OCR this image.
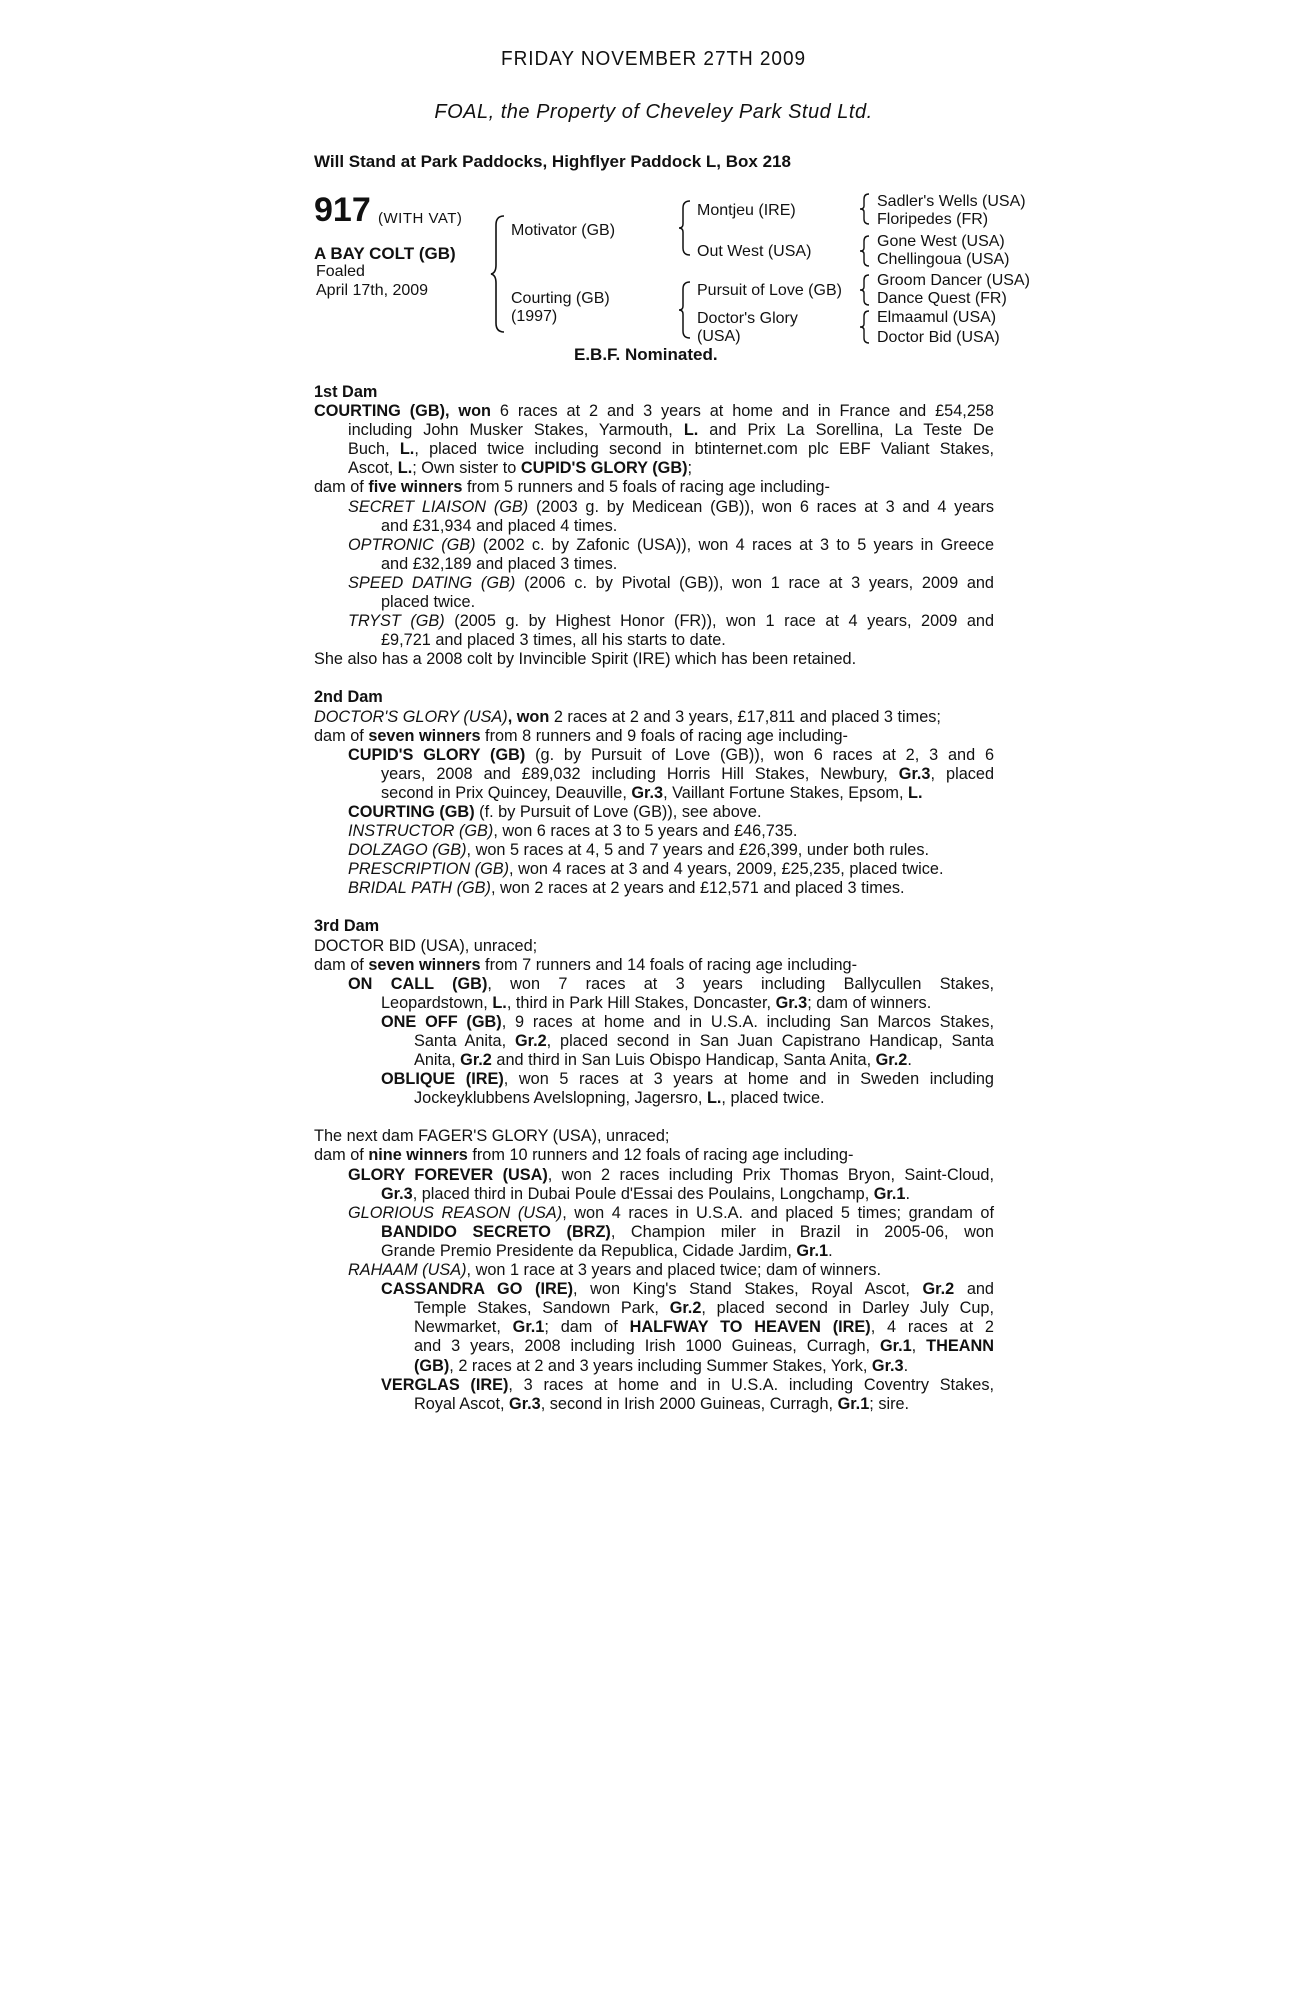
FRIDAY NOVEMBER 27TH 2009
FOAL, the Property of Cheveley Park Stud Ltd.
Will Stand at Park Paddocks, Highflyer Paddock L, Box 218
917 (WITH VAT)
A BAY COLT (GB)
Foaled
April 17th, 2009
Motivator (GB)
Courting (GB)
(1997)
Montjeu (IRE)
Out West (USA)
Pursuit of Love (GB)
Doctor's Glory
(USA)
Sadler's Wells (USA)
Floripedes (FR)
Gone West (USA)
Chellingoua (USA)
Groom Dancer (USA)
Dance Quest (FR)
Elmaamul (USA)
Doctor Bid (USA)
E.B.F. Nominated.
1st Dam
COURTING (GB), won 6 races at 2 and 3 years at home and in France and £54,258
including John Musker Stakes, Yarmouth, L. and Prix La Sorellina, La Teste De
Buch, L., placed twice including second in btinternet.com plc EBF Valiant Stakes,
Ascot, L.; Own sister to CUPID'S GLORY (GB);
dam of five winners from 5 runners and 5 foals of racing age including-
SECRET LIAISON (GB) (2003 g. by Medicean (GB)), won 6 races at 3 and 4 years
and £31,934 and placed 4 times.
OPTRONIC (GB) (2002 c. by Zafonic (USA)), won 4 races at 3 to 5 years in Greece
and £32,189 and placed 3 times.
SPEED DATING (GB) (2006 c. by Pivotal (GB)), won 1 race at 3 years, 2009 and
placed twice.
TRYST (GB) (2005 g. by Highest Honor (FR)), won 1 race at 4 years, 2009 and
£9,721 and placed 3 times, all his starts to date.
She also has a 2008 colt by Invincible Spirit (IRE) which has been retained.
2nd Dam
DOCTOR'S GLORY (USA), won 2 races at 2 and 3 years, £17,811 and placed 3 times;
dam of seven winners from 8 runners and 9 foals of racing age including-
CUPID'S GLORY (GB) (g. by Pursuit of Love (GB)), won 6 races at 2, 3 and 6
years, 2008 and £89,032 including Horris Hill Stakes, Newbury, Gr.3, placed
second in Prix Quincey, Deauville, Gr.3, Vaillant Fortune Stakes, Epsom, L.
COURTING (GB) (f. by Pursuit of Love (GB)), see above.
INSTRUCTOR (GB), won 6 races at 3 to 5 years and £46,735.
DOLZAGO (GB), won 5 races at 4, 5 and 7 years and £26,399, under both rules.
PRESCRIPTION (GB), won 4 races at 3 and 4 years, 2009, £25,235, placed twice.
BRIDAL PATH (GB), won 2 races at 2 years and £12,571 and placed 3 times.
3rd Dam
DOCTOR BID (USA), unraced;
dam of seven winners from 7 runners and 14 foals of racing age including-
ON CALL (GB), won 7 races at 3 years including Ballycullen Stakes,
Leopardstown, L., third in Park Hill Stakes, Doncaster, Gr.3; dam of winners.
ONE OFF (GB), 9 races at home and in U.S.A. including San Marcos Stakes,
Santa Anita, Gr.2, placed second in San Juan Capistrano Handicap, Santa
Anita, Gr.2 and third in San Luis Obispo Handicap, Santa Anita, Gr.2.
OBLIQUE (IRE), won 5 races at 3 years at home and in Sweden including
Jockeyklubbens Avelslopning, Jagersro, L., placed twice.
The next dam FAGER'S GLORY (USA), unraced;
dam of nine winners from 10 runners and 12 foals of racing age including-
GLORY FOREVER (USA), won 2 races including Prix Thomas Bryon, Saint-Cloud,
Gr.3, placed third in Dubai Poule d'Essai des Poulains, Longchamp, Gr.1.
GLORIOUS REASON (USA), won 4 races in U.S.A. and placed 5 times; grandam of
BANDIDO SECRETO (BRZ), Champion miler in Brazil in 2005-06, won
Grande Premio Presidente da Republica, Cidade Jardim, Gr.1.
RAHAAM (USA), won 1 race at 3 years and placed twice; dam of winners.
CASSANDRA GO (IRE), won King's Stand Stakes, Royal Ascot, Gr.2 and
Temple Stakes, Sandown Park, Gr.2, placed second in Darley July Cup,
Newmarket, Gr.1; dam of HALFWAY TO HEAVEN (IRE), 4 races at 2
and 3 years, 2008 including Irish 1000 Guineas, Curragh, Gr.1, THEANN
(GB), 2 races at 2 and 3 years including Summer Stakes, York, Gr.3.
VERGLAS (IRE), 3 races at home and in U.S.A. including Coventry Stakes,
Royal Ascot, Gr.3, second in Irish 2000 Guineas, Curragh, Gr.1; sire.
